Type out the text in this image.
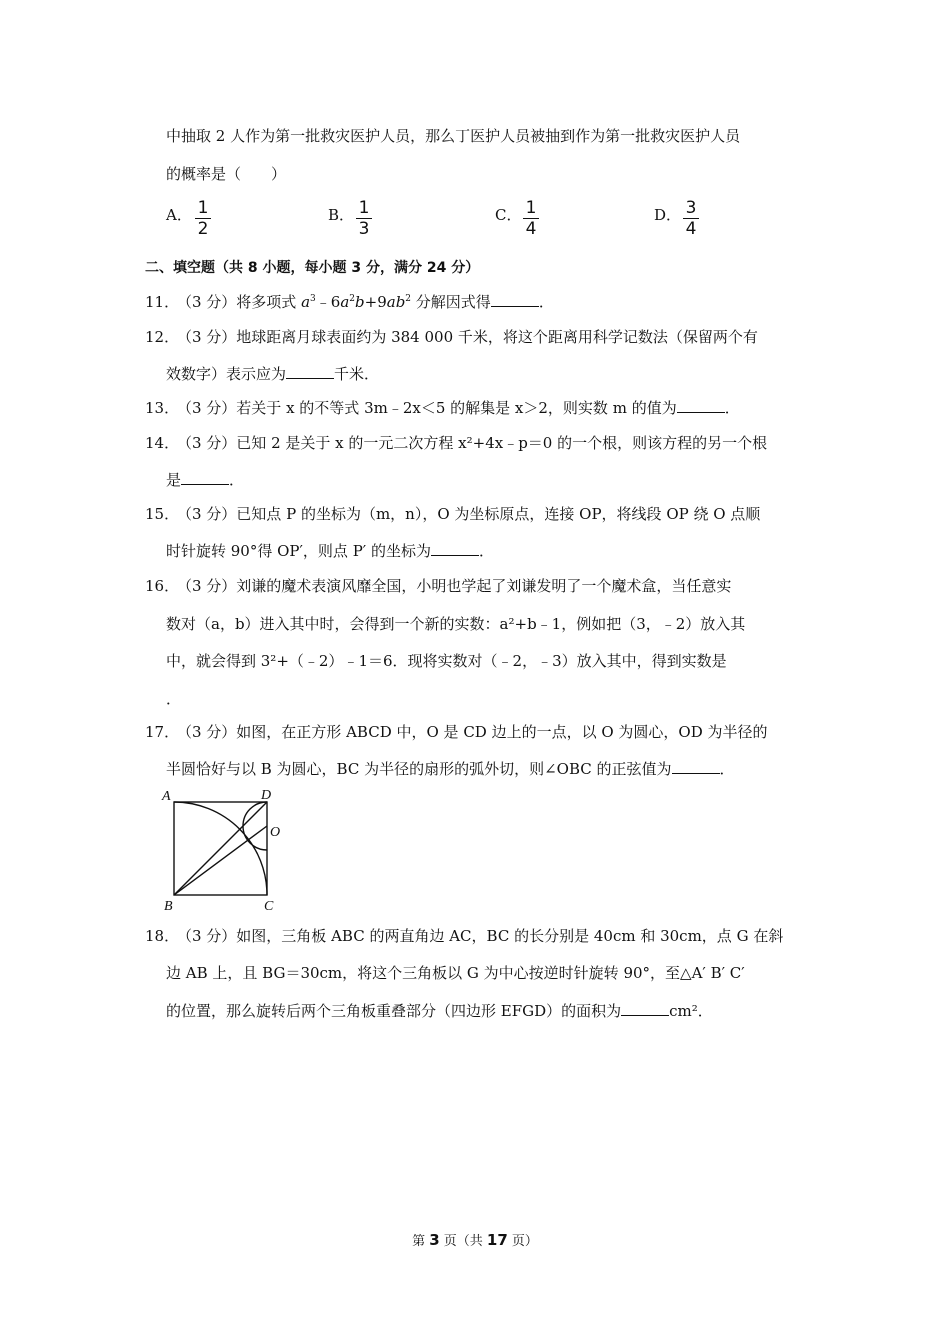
中抽取 2 人作为第一批救灾医护人员，那么丁医护人员被抽到作为第一批救灾医护人员
的概率是（　　）
A． 1
2
B． 1
3
C． 1
4
D． 3
4
二、填空题（共 8 小题，每小题 3 分，满分 24 分）
11．（3 分）将多项式 $a^3﹣6a^2b+9ab^2$ 分解因式得	．
12．（3 分）地球距离月球表面约为 384 000 千米，将这个距离用科学记数法（保留两个有
效数字）表示应为	千米．
13．（3 分）若关于 x 的不等式 3m﹣2x＜5 的解集是 x＞2，则实数 m 的值为	．
14．（3 分）已知 2 是关于 x 的一元二次方程 x²+4x﹣p＝0 的一个根，则该方程的另一个根
是	．
15．（3 分）已知点 P 的坐标为（m，n），O 为坐标原点，连接 OP，将线段 OP 绕 O 点顺
时针旋转 90°得 OP′，则点 P′ 的坐标为	．
16．（3 分）刘谦的魔术表演风靡全国，小明也学起了刘谦发明了一个魔术盒，当任意实
数对（a，b）进入其中时，会得到一个新的实数：a²+b﹣1，例如把（3，﹣2）放入其
中，就会得到 3²+（﹣2）﹣1＝6．现将实数对（﹣2，﹣3）放入其中，得到实数是
．
17．（3 分）如图，在正方形 ABCD 中，O 是 CD 边上的一点，以 O 为圆心，OD 为半径的
半圆恰好与以 B 为圆心，BC 为半径的扇形的弧外切，则∠OBC 的正弦值为	．
A	D
O
B	C
18．（3 分）如图，三角板 ABC 的两直角边 AC，BC 的长分别是 40cm 和 30cm，点 G 在斜
边 AB 上，且 BG＝30cm，将这个三角板以 G 为中心按逆时针旋转 90°，至△A′ B′ C′
的位置，那么旋转后两个三角板重叠部分（四边形 EFGD）的面积为	cm²．
第 3 页（共 17 页）
